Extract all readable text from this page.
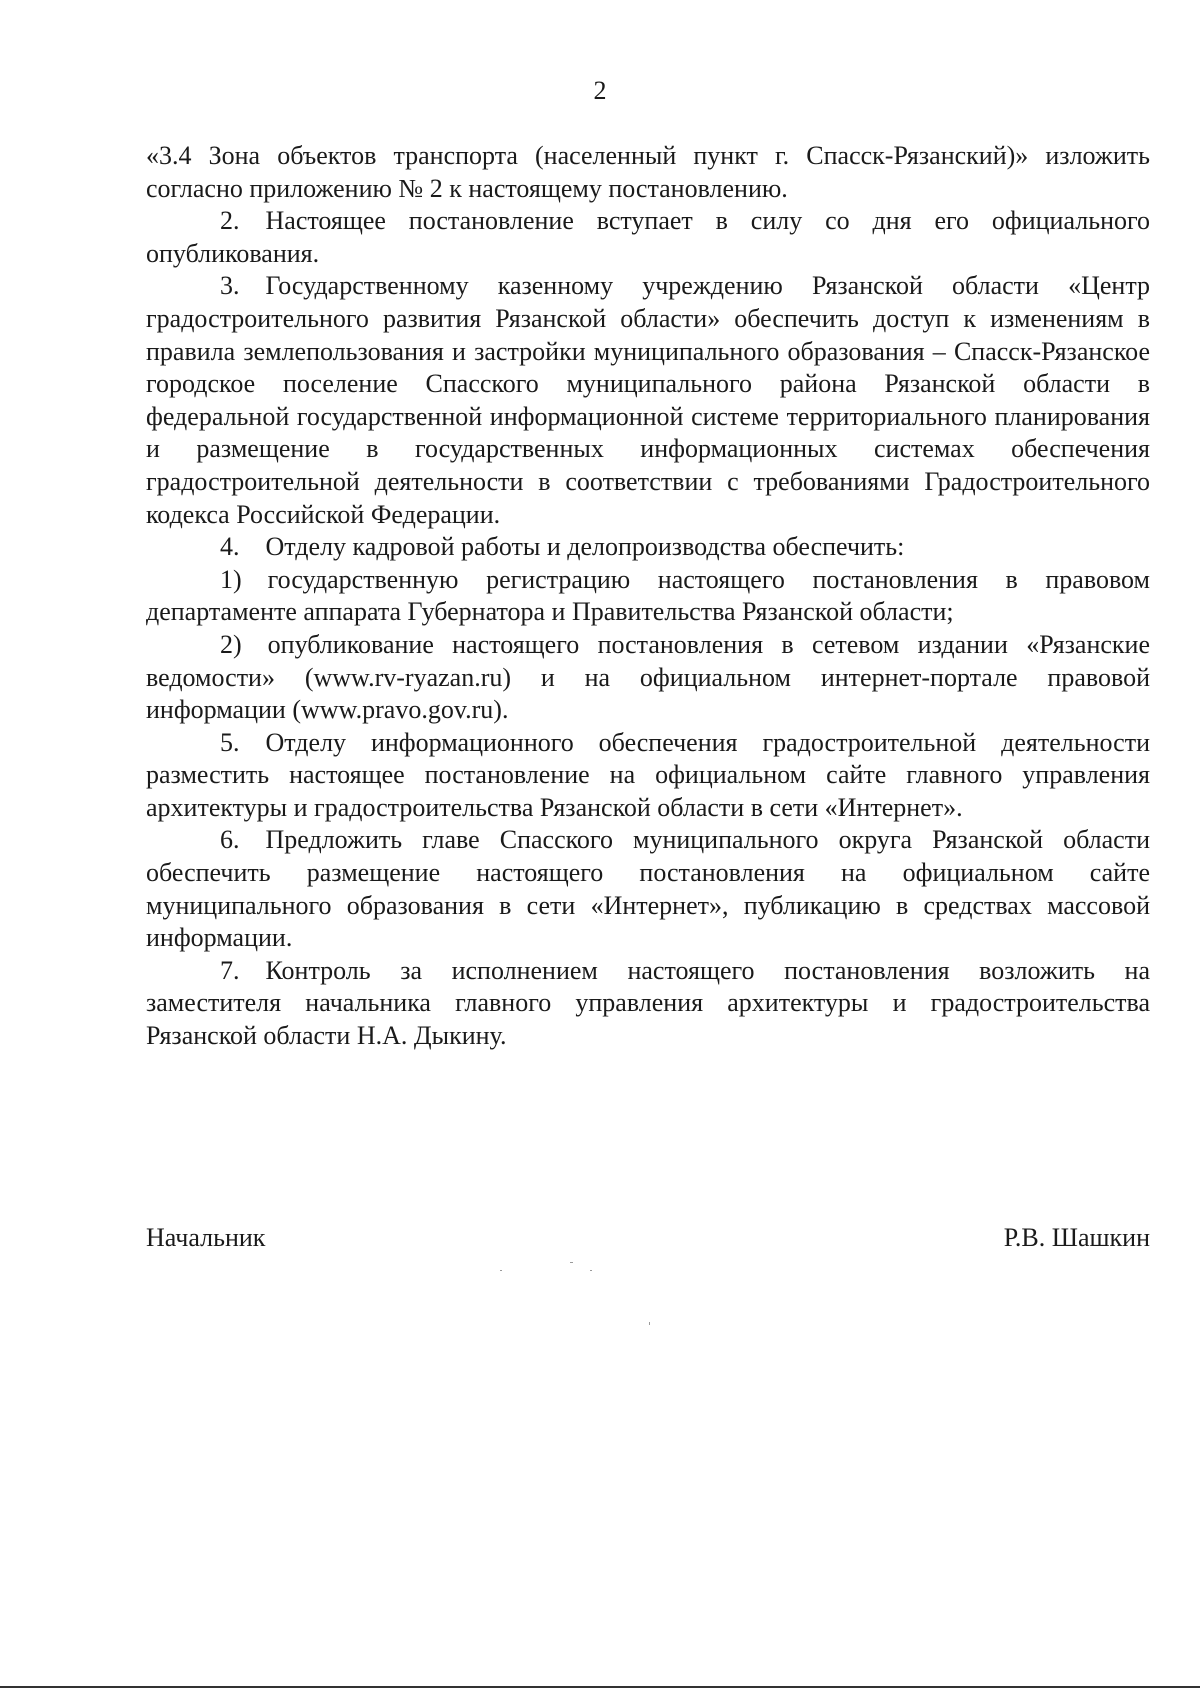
2

«3.4 Зона объектов транспорта (населенный пункт г. Спасск-Рязанский)» изложить согласно приложению № 2 к настоящему постановлению.

2. Настоящее постановление вступает в силу со дня его официального опубликования.

3. Государственному казенному учреждению Рязанской области «Центр градостроительного развития Рязанской области» обеспечить доступ к изменениям в правила землепользования и застройки муниципального образования – Спасск-Рязанское городское поселение Спасского муниципального района Рязанской области в федеральной государственной информационной системе территориального планирования и размещение в государственных информационных системах обеспечения градостроительной деятельности в соответствии с требованиями Градостроительного кодекса Российской Федерации.

4. Отделу кадровой работы и делопроизводства обеспечить:

1) государственную регистрацию настоящего постановления в правовом департаменте аппарата Губернатора и Правительства Рязанской области;

2) опубликование настоящего постановления в сетевом издании «Рязанские ведомости» (www.rv-ryazan.ru) и на официальном интернет-портале правовой информации (www.pravo.gov.ru).

5. Отделу информационного обеспечения градостроительной деятельности разместить настоящее постановление на официальном сайте главного управления архитектуры и градостроительства Рязанской области в сети «Интернет».

6. Предложить главе Спасского муниципального округа Рязанской области обеспечить размещение настоящего постановления на официальном сайте муниципального образования в сети «Интернет», публикацию в средствах массовой информации.

7. Контроль за исполнением настоящего постановления возложить на заместителя начальника главного управления архитектуры и градостроительства Рязанской области Н.А. Дыкину.

Начальник	Р.В. Шашкин
